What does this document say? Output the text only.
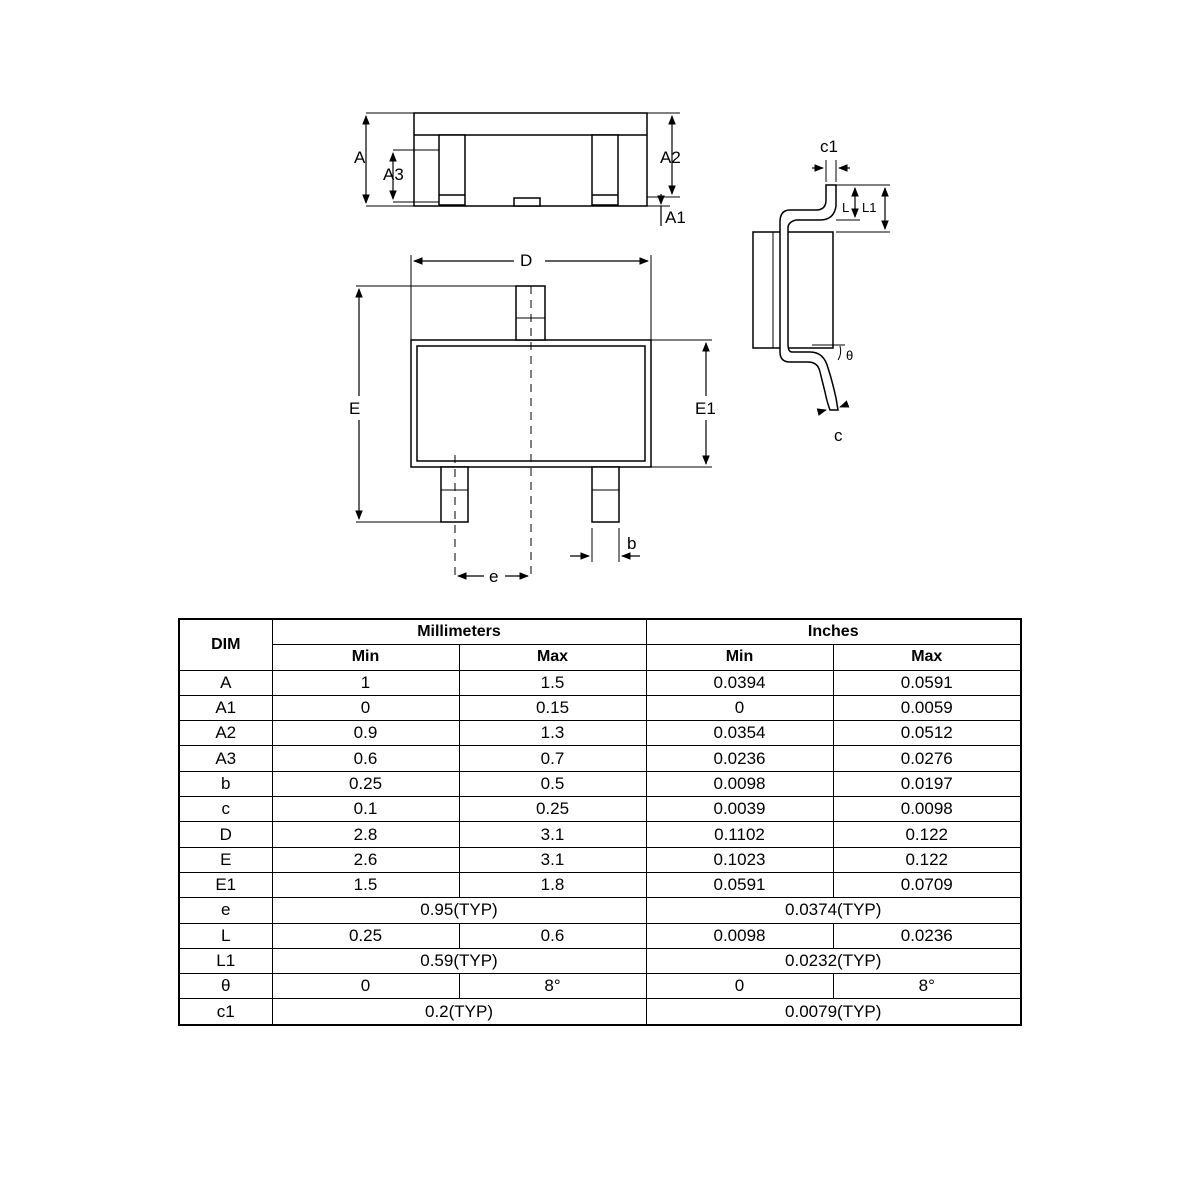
A
A3
A2
A1
D
E	E1
e
b
c1
L L1
θ
c
DIM	Millimeters		Inches	
	Min	Max	Min	Max
A	1	1.5	0.0394	0.0591
A1	0	0.15	0	0.0059
A2	0.9	1.3	0.0354	0.0512
A3	0.6	0.7	0.0236	0.0276
b	0.25	0.5	0.0098	0.0197
c	0.1	0.25	0.0039	0.0098
D	2.8	3.1	0.1102	0.122
E	2.6	3.1	0.1023	0.122
E1	1.5	1.8	0.0591	0.0709
e	0.95(TYP)		0.0374(TYP)	
L	0.25	0.6	0.0098	0.0236
L1	0.59(TYP)		0.0232(TYP)	
θ	0	8°	0	8°
c1	0.2(TYP)		0.0079(TYP)	
